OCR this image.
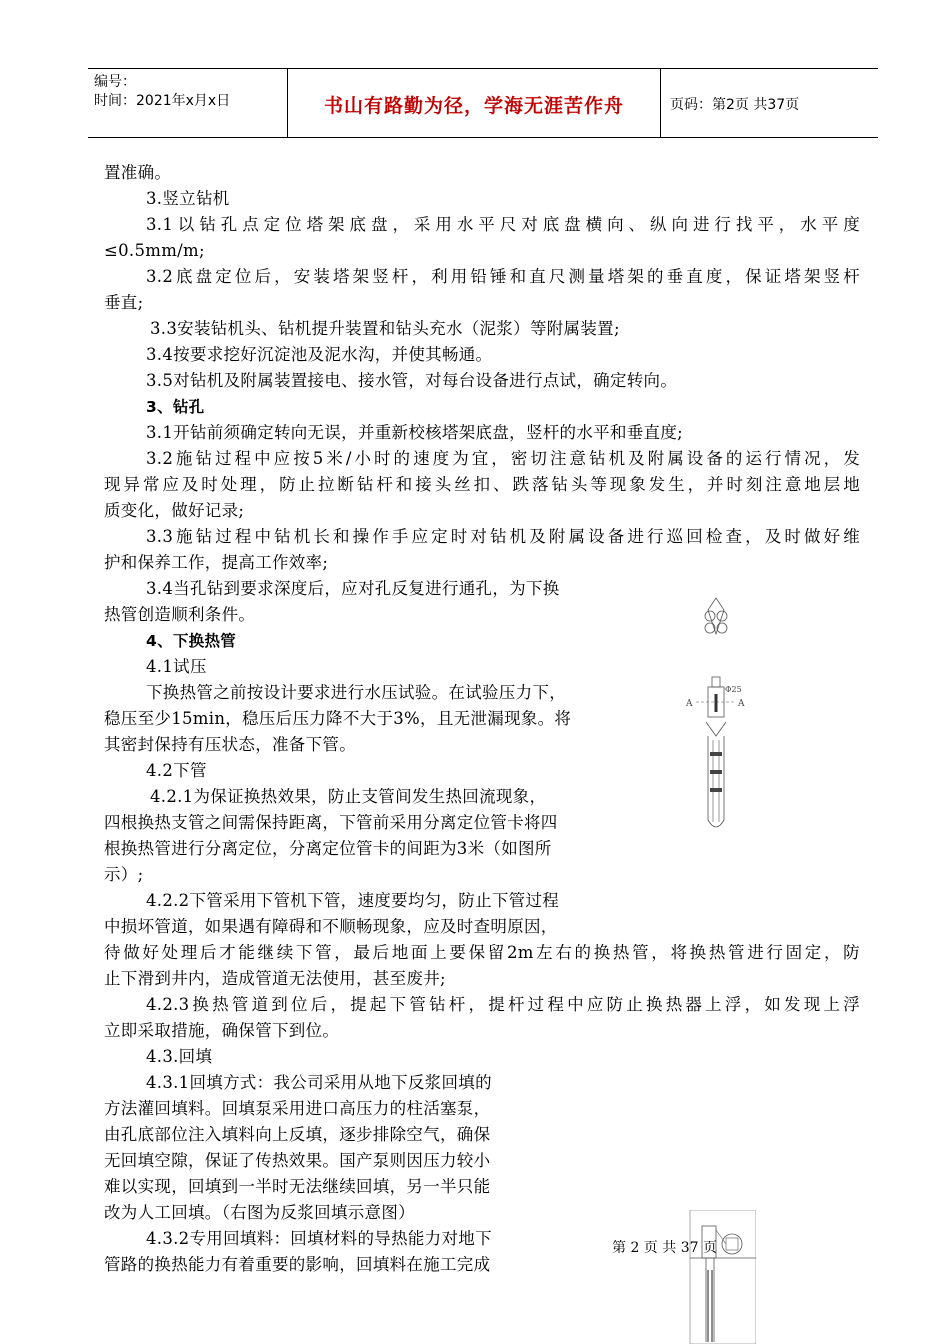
编号：
时间：2021年x月x日	书山有路勤为径，学海无涯苦作舟	页码：第2页 共37页
置准确。
3.竖立钻机
3.1以钻孔点定位塔架底盘，采用水平尺对底盘横向、纵向进行找平，水平度
≤0.5mm/m;
3.2底盘定位后，安装塔架竖杆，利用铅锤和直尺测量塔架的垂直度，保证塔架竖杆
垂直;
3.3安装钻机头、钻机提升装置和钻头充水（泥浆）等附属装置;
3.4按要求挖好沉淀池及泥水沟，并使其畅通。
3.5对钻机及附属装置接电、接水管，对每台设备进行点试，确定转向。
3、钻孔
3.1开钻前须确定转向无误，并重新校核塔架底盘，竖杆的水平和垂直度;
3.2施钻过程中应按5米/小时的速度为宜，密切注意钻机及附属设备的运行情况，发
现异常应及时处理，防止拉断钻杆和接头丝扣、跌落钻头等现象发生，并时刻注意地层地
质变化，做好记录;
3.3施钻过程中钻机长和操作手应定时对钻机及附属设备进行巡回检查，及时做好维
护和保养工作，提高工作效率;
3.4当孔钻到要求深度后，应对孔反复进行通孔，为下换
热管创造顺利条件。
4、下换热管
4.1试压
下换热管之前按设计要求进行水压试验。在试验压力下，
稳压至少15min，稳压后压力降不大于3%，且无泄漏现象。将
其密封保持有压状态，准备下管。
4.2下管
4.2.1为保证换热效果，防止支管间发生热回流现象，
四根换热支管之间需保持距离，下管前采用分离定位管卡将四
根换热管进行分离定位，分离定位管卡的间距为3米（如图所
示）;
4.2.2下管采用下管机下管，速度要均匀，防止下管过程
中损坏管道，如果遇有障碍和不顺畅现象，应及时查明原因，
待做好处理后才能继续下管，最后地面上要保留2m左右的换热管，将换热管进行固定，防
止下滑到井内，造成管道无法使用，甚至废井;
4.2.3换热管道到位后，提起下管钻杆，提杆过程中应防止换热器上浮，如发现上浮
立即采取措施，确保管下到位。
4.3.回填
4.3.1回填方式：我公司采用从地下反浆回填的
方法灌回填料。回填泵采用进口高压力的柱活塞泵，
由孔底部位注入填料向上反填，逐步排除空气，确保
无回填空隙，保证了传热效果。国产泵则因压力较小
难以实现，回填到一半时无法继续回填，另一半只能
改为人工回填。（右图为反浆回填示意图）
4.3.2专用回填料：回填材料的导热能力对地下
管路的换热能力有着重要的影响，回填料在施工完成
Φ25
A	A
第 2 页 共 37 页
